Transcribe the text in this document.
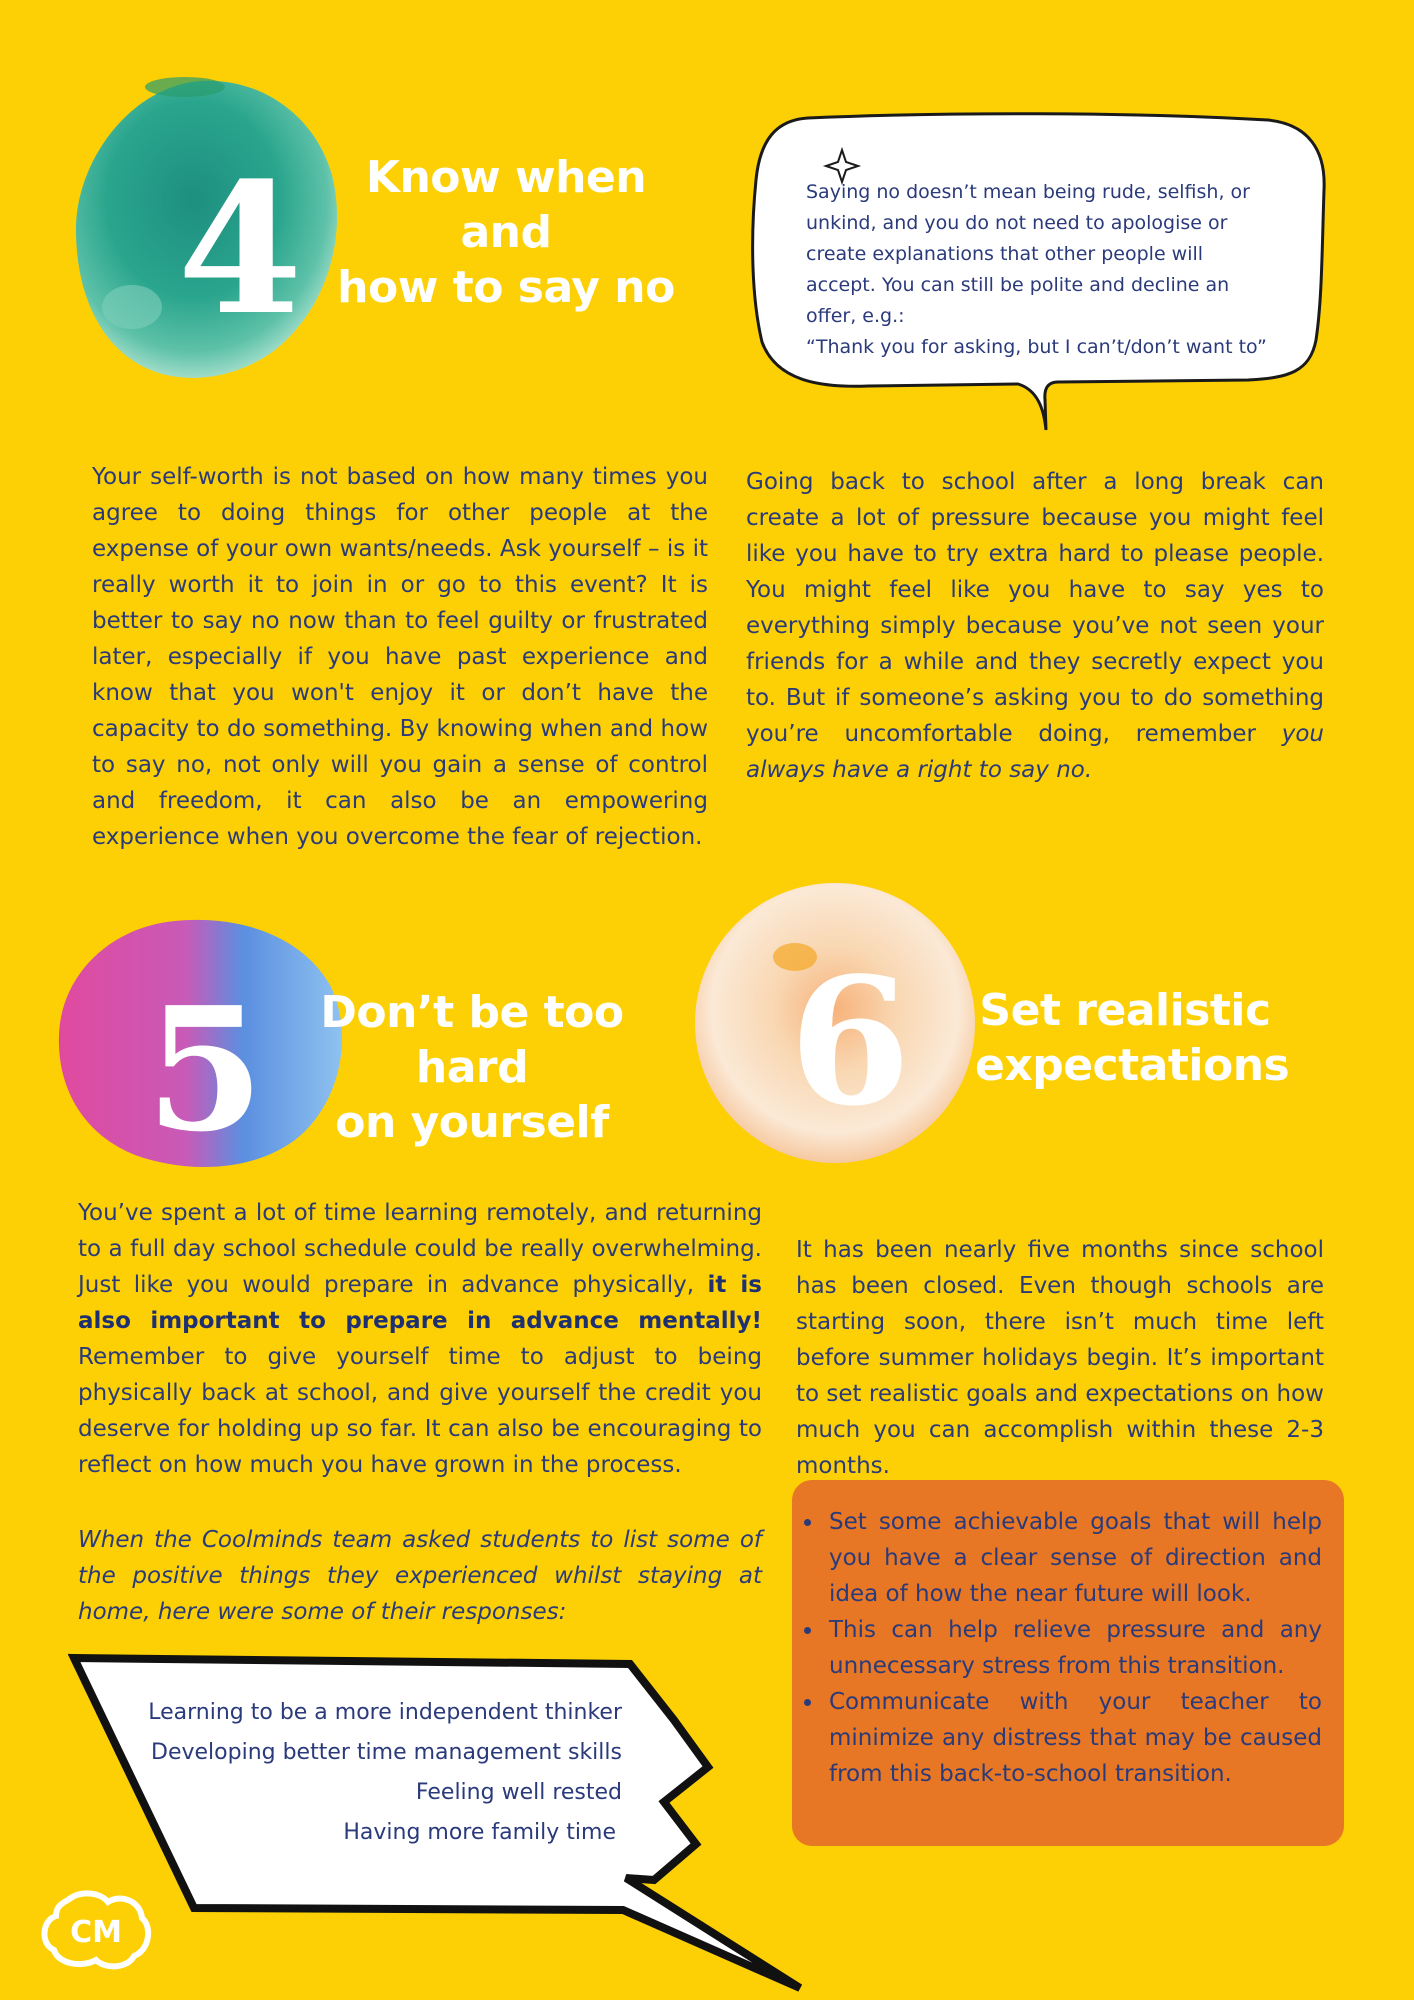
4	Know when and
how to say no
Saying no doesn’t mean being rude, selfish, or
unkind, and you do not need to apologise or
create explanations that other people will
accept. You can still be polite and decline an
offer, e.g.:
“Thank you for asking, but I can’t/don’t want to”
Your self-worth is not based on how many times you agree to doing things for other people at the expense of your own wants/needs. Ask yourself – is it really worth it to join in or go to this event? It is better to say no now than to feel guilty or frustrated later, especially if you have past experience and know that you won't enjoy it or don’t have the capacity to do something. By knowing when and how to say no, not only will you gain a sense of control and freedom, it can also be an empowering experience when you overcome the fear of rejection.
Going back to school after a long break can create a lot of pressure because you might feel like you have to try extra hard to please people. You might feel like you have to say yes to everything simply because you’ve not seen your friends for a while and they secretly expect you to. But if someone’s asking you to do something you’re uncomfortable doing, remember you always have a right to say no.
5	Don’t be too hard
on yourself	6	Set realistic
expectations
You’ve spent a lot of time learning remotely, and returning to a full day school schedule could be really overwhelming. Just like you would prepare in advance physically, it is also important to prepare in advance mentally! Remember to give yourself time to adjust to being physically back at school, and give yourself the credit you deserve for holding up so far. It can also be encouraging to reflect on how much you have grown in the process.
When the Coolminds team asked students to list some of the positive things they experienced whilst staying at home, here were some of their responses:
Learning to be a more independent thinker
Developing better time management skills
Feeling well rested
Having more family time
It has been nearly five months since school has been closed. Even though schools are starting soon, there isn’t much time left before summer holidays begin. It’s important to set realistic goals and expectations on how much you can accomplish within these 2-3 months.
Set some achievable goals that will help you have a clear sense of direction and idea of how the near future will look.
This can help relieve pressure and any unnecessary stress from this transition.
Communicate with your teacher to minimize any distress that may be caused from this back-to-school transition.
CM
